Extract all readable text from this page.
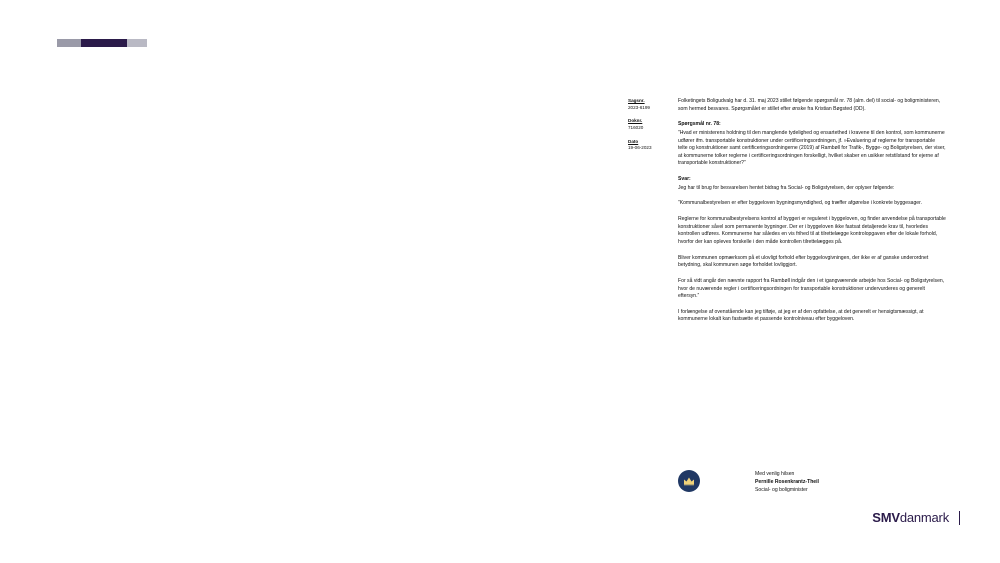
Sagsnr.
2023-6199
Doknr.
716020
Dato
19-06-2023

Folketingets Boligudvalg har d. 31. maj 2023 stillet følgende spørgsmål nr. 78 (alm. del) til social- og boligministeren, som hermed besvares. Spørgsmålet er stillet efter ønske fra Kristian Bøgsted (DD).

Spørgsmål nr. 78:

”Hvad er ministerens holdning til den manglende tydelighed og ensartethed i kravene til den kontrol, som kommunerne udfører ifm. transportable konstruktioner under certificeringsordningen, jf. »Evaluering af reglerne for transportable telte og konstruktioner samt certificeringsordningerne (2019) af Rambøll for Trafik-, Bygge- og Boligstyrelsen, der viser, at kommunerne tolker reglerne i certificeringsordningen forskelligt, hvilket skaber en usikker retstilstand for ejerne af transportable konstruktioner?”

Svar:

Jeg har til brug for besvarelsen hentet bidrag fra Social- og Boligstyrelsen, der oplyser følgende:

”Kommunalbestyrelsen er efter byggeloven bygningsmyndighed, og træffer afgørelse i konkrete byggesager.

Reglerne for kommunalbestyrelsens kontrol af byggeri er reguleret i byggeloven, og finder anvendelse på transportable konstruktioner såvel som permanente bygninger. Der er i byggeloven ikke fastsat detaljerede krav til, hvorledes kontrollen udføres. Kommunerne har således en vis frihed til at tilrettelægge kontrolopgaven efter de lokale forhold, hvorfor der kan opleves forskelle i den måde kontrollen tilrettelægges på.

Bliver kommunen opmærksom på et ulovligt forhold efter byggelovgivningen, der ikke er af ganske underordnet betydning, skal kommunen søge forholdet lovliggjort.

For så vidt angår den nævnte rapport fra Rambøll indgår den i et igangværende arbejde hos Social- og Boligstyrelsen, hvor de nuværende regler i certificeringsordningen for transportable konstruktioner undervurderes og generelt eftersyn.”

I forlængelse af ovenstående kan jeg tilføje, at jeg er af den opfattelse, at det generelt er hensigtsmæssigt, at kommunerne lokalt kan fastsætte et passende kontrolniveau efter byggeloven.

Med venlig hilsen
Pernille Rosenkrantz-Theil
Social- og boligminister
SMVdanmark
